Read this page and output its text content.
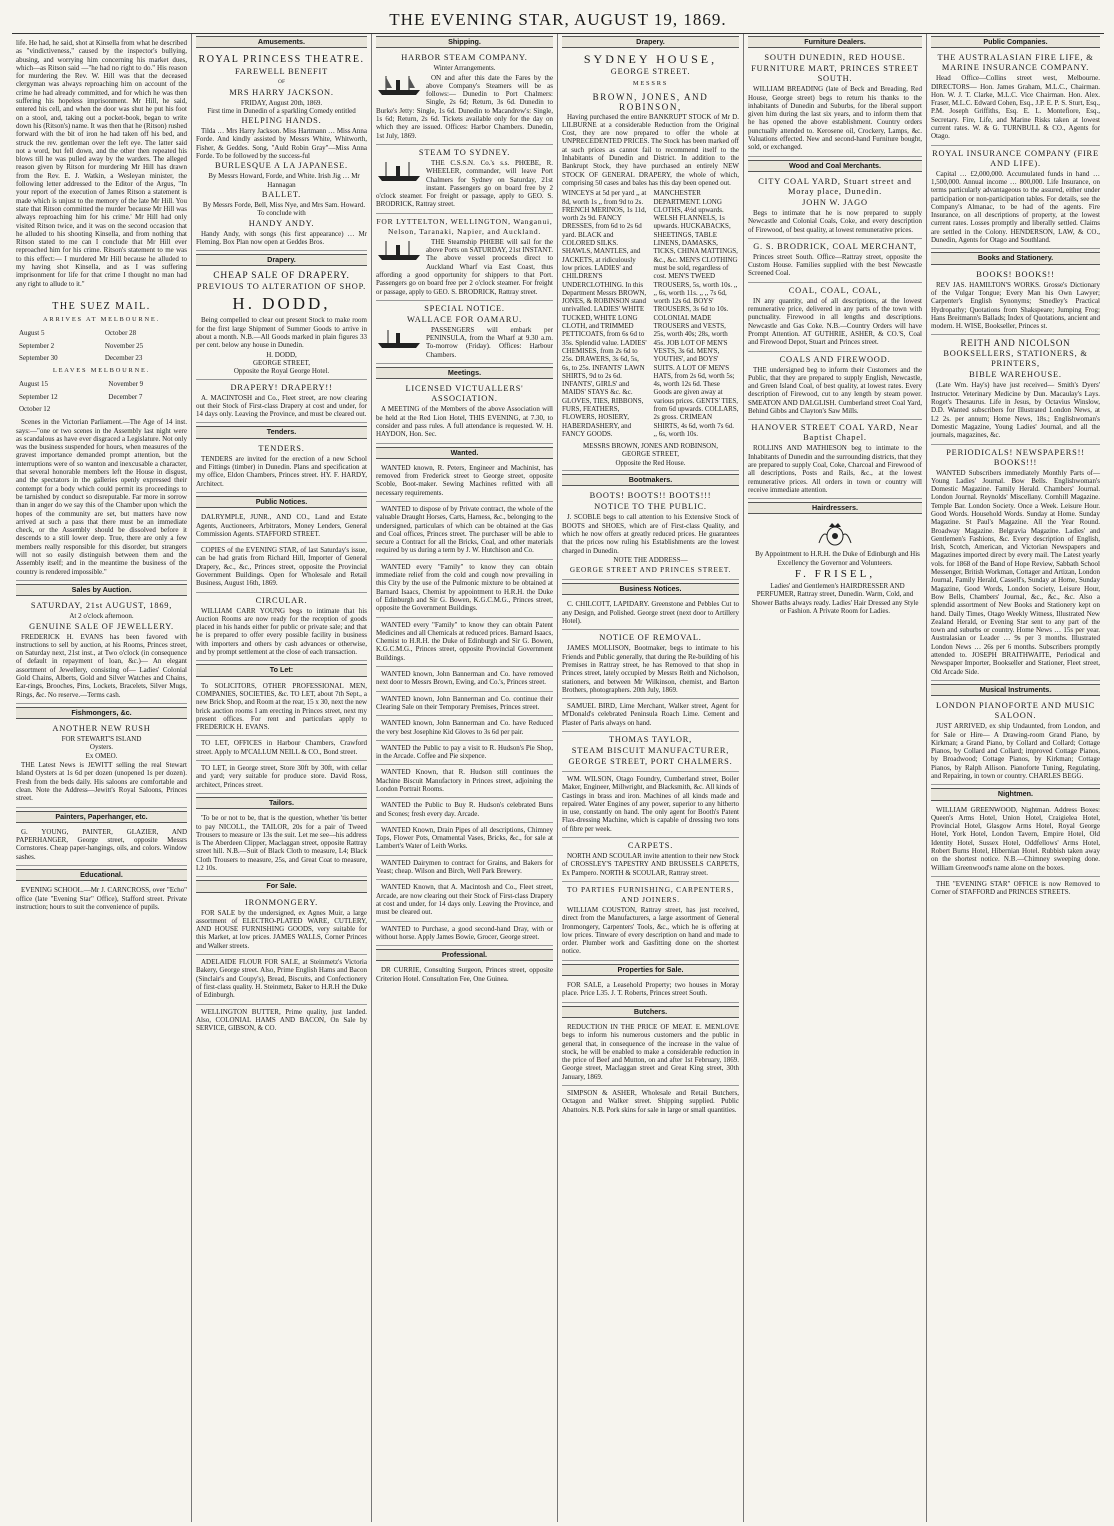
THE EVENING STAR, AUGUST 19, 1869.

life. He had, he said, shot at Kinsella from what he described as "vindictiveness," caused by the inspector's bullying, abusing, and worrying him concerning his market dues, which—as Ritson said —"he had no right to do." His reason for murdering the Rev. W. Hill was that the deceased clergyman was always reproaching him on account of the crime he had already committed, and for which he was then suffering his hopeless imprisonment. Mr Hill, he said, entered his cell, and when the door was shut he put his foot on a stool, and, taking out a pocket-book, began to write down his (Ritson's) name. It was then that he (Ritson) rushed forward with the bit of iron he had taken off his bed, and struck the rev. gentleman over the left eye. The latter said not a word, but fell down, and the other then repeated his blows till he was pulled away by the warders. The alleged reason given by Ritson for murdering Mr Hill has drawn from the Rev. E. J. Watkin, a Wesleyan minister, the following letter addressed to the Editor of the Argus, "In your report of the execution of James Ritson a statement is made which is unjust to the memory of the late Mr Hill. You state that Ritson committed the murder 'because Mr Hill was always reproaching him for his crime.' Mr Hill had only visited Ritson twice, and it was on the second occasion that he alluded to his shooting Kinsella, and from nothing that Ritson stated to me can I conclude that Mr Hill ever reproached him for his crime. Ritson's statement to me was to this effect:— I murdered Mr Hill because he alluded to my having shot Kinsella, and as I was suffering imprisonment for life for that crime I thought no man had any right to allude to it."

THE SUEZ MAIL.
ARRIVES AT MELBOURNE.
August 5	October 28
September 2	November 25
September 30	December 23
LEAVES MELBOURNE.
August 15	November 9
September 12	December 7
October 12	

Scenes in the Victorian Parliament.—The Age of 14 inst. says:—"one or two scenes in the Assembly last night were as scandalous as have ever disgraced a Legislature. Not only was the business suspended for hours, when measures of the gravest importance demanded prompt attention, but the interruptions were of so wanton and inexcusable a character, that several honorable members left the House in disgust, and the spectators in the galleries openly expressed their contempt for a body which could permit its proceedings to be tarnished by conduct so disreputable. Far more in sorrow than in anger do we say this of the Chamber upon which the hopes of the community are set, but matters have now arrived at such a pass that there must be an immediate check, or the Assembly should be dissolved before it descends to a still lower deep. True, there are only a few members really responsible for this disorder, but strangers will not so easily distinguish between them and the Assembly itself; and in the meantime the business of the country is rendered impossible."

Sales by Auction.
SATURDAY, 21st AUGUST, 1869,
At 2 o'clock afternoon.
GENUINE SALE OF JEWELLERY.

FREDERICK H. EVANS has been favored with instructions to sell by auction, at his Rooms, Princes street, on Saturday next, 21st inst., at Two o'clock (in consequence of default in repayment of loan, &c.)— An elegant assortment of Jewellery, consisting of— Ladies' Colonial Gold Chains, Alberts, Gold and Silver Watches and Chains, Ear-rings, Brooches, Pins, Lockets, Bracelets, Silver Mugs, Rings, &c. No reserve.—Terms cash.

Fishmongers, &c.
ANOTHER NEW RUSH
FOR STEWART'S ISLAND
Oysters.
Ex OMEO.

THE Latest News is JEWITT selling the real Stewart Island Oysters at 1s 6d per dozen (unopened 1s per dozen). Fresh from the beds daily. His saloons are comfortable and clean. Note the Address—Jewitt's Royal Saloons, Princes street.

Painters, Paperhanger, etc.

G. YOUNG, PAINTER, GLAZIER, AND PAPERHANGER, George street, opposite Messrs Cornstores. Cheap paper-hangings, oils, and colors. Window sashes.

Educational.

EVENING SCHOOL.—Mr J. CARNCROSS, over "Echo" office (late "Evening Star" Office), Stafford street. Private instruction; hours to suit the convenience of pupils.

Amusements.
ROYAL PRINCESS THEATRE.
FAREWELL BENEFIT
OF
MRS HARRY JACKSON.
FRIDAY, August 20th, 1869.
First time in Dunedin of a sparkling Comedy entitled
HELPING HANDS.

Tilda … Mrs Harry Jackson. Miss Hartmann … Miss Anna Forde. And kindly assisted by Messrs White, Whitworth, Fisher, & Geddes. Song, "Auld Robin Gray"—Miss Anna Forde. To be followed by the success-ful

BURLESQUE A LA JAPANESE.

By Messrs Howard, Forde, and White. Irish Jig … Mr Hannagan

BALLET.

By Messrs Forde, Bell, Miss Nye, and Mrs Sam. Howard. To conclude with

HANDY ANDY.

Handy Andy, with songs (his first appearance) … Mr Fleming. Box Plan now open at Geddes Bros.

Drapery.
CHEAP SALE OF DRAPERY.
PREVIOUS TO ALTERATION OF SHOP.
H. DODD,

Being compelled to clear out present Stock to make room for the first large Shipment of Summer Goods to arrive in about a month. N.B.—All Goods marked in plain figures 33 per cent. below any house in Dunedin.

H. DODD,
GEORGE STREET,
Opposite the Royal George Hotel.
DRAPERY! DRAPERY!!

A. MACINTOSH and Co., Fleet street, are now clearing out their Stock of First-class Drapery at cost and under, for 14 days only. Leaving the Province, and must be cleared out.

Tenders.
TENDERS.

TENDERS are invited for the erection of a new School and Fittings (timber) in Dunedin. Plans and specification at my office, Eldon Chambers, Princes street. HY. F. HARDY, Architect.

Public Notices.

DALRYMPLE, JUNR., AND CO., Land and Estate Agents, Auctioneers, Arbitrators, Money Lenders, General Commission Agents. STAFFORD STREET.

COPIES of the EVENING STAR, of last Saturday's issue, can be had gratis from Richard Hill, Importer of General Drapery, &c., &c., Princes street, opposite the Provincial Government Buildings. Open for Wholesale and Retail Business, August 16th, 1869.

CIRCULAR.

WILLIAM CARR YOUNG begs to intimate that his Auction Rooms are now ready for the reception of goods placed in his hands either for public or private sale; and that he is prepared to offer every possible facility in business with importers and others by cash advances or otherwise, and by prompt settlement at the close of each transaction.

To Let:

To SOLICITORS, OTHER PROFESSIONAL MEN, COMPANIES, SOCIETIES, &c. TO LET, about 7th Sept., a new Brick Shop, and Room at the rear, 15 x 30, next the new brick auction rooms I am erecting in Princes street, next my present offices. For rent and particulars apply to FREDERICK H. EVANS.

TO LET, OFFICES in Harbour Chambers, Crawford street. Apply to M'CALLUM NEILL & CO., Bond street.

TO LET, in George street, Store 30ft by 30ft, with cellar and yard; very suitable for produce store. David Ross, architect, Princes street.

Tailors.

'To be or not to be, that is the question, whether 'tis better to pay NICOLL, the TAILOR, 20s for a pair of Tweed Trousers to measure or 13s the suit. Let me see—his address is The Aberdeen Clipper, Maclaggan street, opposite Rattray street hill. N.B.—Suit of Black Cloth to measure, L4; Black Cloth Trousers to measure, 25s, and Great Coat to measure, L2 10s.

For Sale.
IRONMONGERY.

FOR SALE by the undersigned, ex Agnes Muir, a large assortment of ELECTRO-PLATED WARE, CUTLERY, AND HOUSE FURNISHING GOODS, very suitable for this Market, at low prices. JAMES WALLS, Corner Princes and Walker streets.

ADELAIDE FLOUR FOR SALE, at Steinmetz's Victoria Bakery, George street. Also, Prime English Hams and Bacon (Sinclair's and Coupy's), Bread, Biscuits, and Confectionery of first-class quality. H. Steinmetz, Baker to H.R.H the Duke of Edinburgh.

WELLINGTON BUTTER, Prime quality, just landed. Also, COLONIAL HAMS AND BACON, On Sale by SERVICE, GIBSON, & CO.

Shipping.
HARBOR STEAM COMPANY.
Winter Arrangements.

ON and after this date the Fares by the above Company's Steamers will be as follows:— Dunedin to Port Chalmers: Single, 2s 6d; Return, 3s 6d. Dunedin to Burke's Jetty: Single, 1s 6d. Dunedin to Macandrew's: Single, 1s 6d; Return, 2s 6d. Tickets available only for the day on which they are issued. Offices: Harbor Chambers. Dunedin, 1st July, 1869.

STEAM TO SYDNEY.

THE C.S.S.N. Co.'s s.s. PHŒBE, R. WHEELER, commander, will leave Port Chalmers for Sydney on Saturday, 21st instant. Passengers go on board free by 2 o'clock steamer. For freight or passage, apply to GEO. S. BRODRICK, Rattray street.

FOR LYTTELTON, WELLINGTON, Wanganui, Nelson, Taranaki, Napier, and Auckland.

THE Steamship PHŒBE will sail for the above Ports on SATURDAY, 21st INSTANT. The above vessel proceeds direct to Auckland Wharf via East Coast, thus affording a good opportunity for shippers to that Port. Passengers go on board free per 2 o'clock steamer. For freight or passage, apply to GEO. S. BRODRICK, Rattray street.

SPECIAL NOTICE.
WALLACE FOR OAMARU.

PASSENGERS will embark per PENINSULA, from the Wharf at 9.30 a.m. To-morrow (Friday). Offices: Harbour Chambers.

Meetings.
LICENSED VICTUALLERS' ASSOCIATION.

A MEETING of the Members of the above Association will be held at the Red Lion Hotel, THIS EVENING, at 7.30, to consider and pass rules. A full attendance is requested. W. H. HAYDON, Hon. Sec.

Wanted.

WANTED known, R. Peters, Engineer and Machinist, has removed from Frederick street to George street, opposite Scoble, Boot-maker. Sewing Machines refitted with all necessary requirements.

WANTED to dispose of by Private contract, the whole of the valuable Draught Horses, Carts, Harness, &c., belonging to the undersigned, particulars of which can be obtained at the Gas and Coal offices, Princes street. The purchaser will be able to secure a Contract for all the Bricks, Coal, and other materials required by us during a term by J. W. Hutchison and Co.

WANTED every "Family" to know they can obtain immediate relief from the cold and cough now prevailing in this City by the use of the Pulmonic mixture to be obtained at Barnard Isaacs, Chemist by appointment to H.R.H. the Duke of Edinburgh and Sir G. Bowen, K.G.C.M.G., Princes street, opposite the Government Buildings.

WANTED every "Family" to know they can obtain Patent Medicines and all Chemicals at reduced prices. Barnard Isaacs, Chemist to H.R.H. the Duke of Edinburgh and Sir G. Bowen, K.G.C.M.G., Princes street, opposite Provincial Government Buildings.

WANTED known, John Bannerman and Co. have removed next door to Messrs Brown, Ewing, and Co.'s, Princes street.

WANTED known, John Bannerman and Co. continue their Clearing Sale on their Temporary Premises, Princes street.

WANTED known, John Bannerman and Co. have Reduced the very best Josephine Kid Gloves to 3s 6d per pair.

WANTED the Public to pay a visit to R. Hudson's Pie Shop, in the Arcade. Coffee and Pie sixpence.

WANTED Known, that R. Hudson still continues the Machine Biscuit Manufactory in Princes street, adjoining the London Portrait Rooms.

WANTED the Public to Buy R. Hudson's celebrated Buns and Scones; fresh every day. Arcade.

WANTED Known, Drain Pipes of all descriptions, Chimney Tops, Flower Pots, Ornamental Vases, Bricks, &c., for sale at Lambert's Water of Leith Works.

WANTED Dairymen to contract for Grains, and Bakers for Yeast; cheap. Wilson and Birch, Well Park Brewery.

WANTED Known, that A. Macintosh and Co., Fleet street, Arcade, are now clearing out their Stock of First-class Drapery at cost and under, for 14 days only. Leaving the Province, and must be cleared out.

WANTED to Purchase, a good second-hand Dray, with or without horse. Apply James Bowie, Grocer, George street.

Professional.

DR CURRIE, Consulting Surgeon, Princes street, opposite Criterion Hotel. Consultation Fee, One Guinea.

Drapery.
SYDNEY HOUSE,
GEORGE STREET.
MESSRS
BROWN, JONES, AND ROBINSON,

Having purchased the entire BANKRUPT STOCK of Mr D. LILBURNE at a considerable Reduction from the Original Cost, they are now prepared to offer the whole at UNPRECEDENTED PRICES. The Stock has been marked off at such prices as cannot fail to recommend itself to the Inhabitants of Dunedin and District. In addition to the Bankrupt Stock, they have purchased an entirely NEW STOCK OF GENERAL DRAPERY, the whole of which, comprising 50 cases and bales has this day been opened out.

WINCEYS at 5d per yard ,, at 8d, worth 1s ,, from 9d to 2s. FRENCH MERINOS, 1s 11d, worth 2s 9d. FANCY DRESSES, from 6d to 2s 6d yard. BLACK and COLORED SILKS. SHAWLS, MANTLES, and JACKETS, at ridiculously low prices. LADIES' and CHILDREN'S UNDERCLOTHING. In this Department Messrs BROWN, JONES, & ROBINSON stand unrivalled. LADIES' WHITE TUCKED, WHITE LONG CLOTH, and TRIMMED PETTICOATS, from 6s 6d to 35s. Splendid value. LADIES' CHEMISES, from 2s 6d to 25s. DRAWERS, 3s 6d, 5s, 6s, to 25s. INFANTS' LAWN SHIRTS, 9d to 2s 6d. INFANTS', GIRLS' and MAIDS' STAYS &c. &c. GLOVES, TIES, RIBBONS, FURS, FEATHERS, FLOWERS, HOSIERY, HABERDASHERY, and FANCY GOODS.

MANCHESTER DEPARTMENT. LONG CLOTHS, 4½d upwards. WELSH FLANNELS, 1s upwards. HUCKABACKS, SHEETINGS, TABLE LINENS, DAMASKS, TICKS, CHINA MATTINGS, &c., &c. MEN'S CLOTHING must be sold, regardless of cost. MEN'S TWEED TROUSERS, 5s, worth 10s. ,, ,, 6s, worth 11s. ,, ,, 7s 6d, worth 12s 6d. BOYS' TROUSERS, 3s 6d to 10s. COLONIAL MADE TROUSERS and VESTS, 25s, worth 40s; 28s, worth 45s. JOB LOT OF MEN'S VESTS, 3s 6d. MEN'S, YOUTHS', and BOYS' SUITS. A LOT OF MEN'S HATS, from 2s 6d, worth 5s; 4s, worth 12s 6d. These Goods are given away at various prices. GENTS' TIES, from 6d upwards. COLLARS, 2s gross. CRIMEAN SHIRTS, 4s 6d, worth 7s 6d. ,, 6s, worth 10s.

MESSRS BROWN, JONES AND ROBINSON,
GEORGE STREET,
Opposite the Red House.
Bootmakers.
BOOTS! BOOTS!! BOOTS!!!
NOTICE TO THE PUBLIC.

J. SCOBLE begs to call attention to his Extensive Stock of BOOTS and SHOES, which are of First-class Quality, and which he now offers at greatly reduced prices. He guarantees that the prices now ruling his Establishments are the lowest charged in Dunedin.

NOTE THE ADDRESS—
GEORGE STREET AND PRINCES STREET.
Business Notices.

C. CHILCOTT, LAPIDARY. Greenstone and Pebbles Cut to any Design, and Polished. George street (next door to Artillery Hotel).

NOTICE OF REMOVAL.

JAMES MOLLISON, Bootmaker, begs to intimate to his Friends and Public generally, that during the Re-building of his Premises in Rattray street, he has Removed to that shop in Princes street, lately occupied by Messrs Reith and Nicholson, stationers, and between Mr Wilkinson, chemist, and Barton Brothers, photographers. 20th July, 1869.

SAMUEL BIRD, Lime Merchant, Walker street, Agent for M'Donald's celebrated Peninsula Roach Lime. Cement and Plaster of Paris always on hand.

THOMAS TAYLOR,
STEAM BISCUIT MANUFACTURER,
GEORGE STREET, PORT CHALMERS.

WM. WILSON, Otago Foundry, Cumberland street, Boiler Maker, Engineer, Millwright, and Blacksmith, &c. All kinds of Castings in brass and iron. Machines of all kinds made and repaired. Water Engines of any power, superior to any hitherto in use, constantly on hand. The only agent for Booth's Patent Flax-dressing Machine, which is capable of dressing two tons of fibre per week.

CARPETS.

NORTH AND SCOULAR invite attention to their new Stock of CROSSLEY'S TAPESTRY AND BRUSSELS CARPETS, Ex Pampero. NORTH & SCOULAR, Rattray street.

TO PARTIES FURNISHING, CARPENTERS, AND JOINERS.

WILLIAM COUSTON, Rattray street, has just received, direct from the Manufacturers, a large assortment of General Ironmongery, Carpenters' Tools, &c., which he is offering at low prices. Tinware of every description on hand and made to order. Plumber work and Gasfitting done on the shortest notice.

Properties for Sale.

FOR SALE, a Leasehold Property; two houses in Moray place. Price L35. J. T. Roberts, Princes street South.

Butchers.

REDUCTION IN THE PRICE OF MEAT. E. MENLOVE begs to inform his numerous customers and the public in general that, in consequence of the increase in the value of stock, he will be enabled to make a considerable reduction in the price of Beef and Mutton, on and after 1st February, 1869. George street, Maclaggan street and Great King street, 30th January, 1869.

SIMPSON & ASHER, Wholesale and Retail Butchers, Octagon and Walker street. Shipping supplied. Public Abattoirs. N.B. Pork skins for sale in large or small quantities.

Furniture Dealers.
SOUTH DUNEDIN, RED HOUSE.
FURNITURE MART, PRINCES STREET SOUTH.

WILLIAM BREADING (late of Beck and Breading, Red House, George street) begs to return his thanks to the inhabitants of Dunedin and Suburbs, for the liberal support given him during the last six years, and to inform them that he has opened the above establishment. Country orders punctually attended to. Kerosene oil, Crockery, Lamps, &c. Valuations effected. New and second-hand Furniture bought, sold, or exchanged.

Wood and Coal Merchants.
CITY COAL YARD, Stuart street and Moray place, Dunedin.
JOHN W. JAGO

Begs to intimate that he is now prepared to supply Newcastle and Colonial Coals, Coke, and every description of Firewood, of best quality, at lowest remunerative prices.

G. S. BRODRICK, COAL MERCHANT,

Princes street South. Office—Rattray street, opposite the Custom House. Families supplied with the best Newcastle Screened Coal.

COAL, COAL, COAL,

IN any quantity, and of all descriptions, at the lowest remunerative price, delivered in any parts of the town with punctuality. Firewood in all lengths and descriptions. Newcastle and Gas Coke. N.B.—Country Orders will have Prompt Attention. AT GUTHRIE, ASHER, & CO.'S, Coal and Firewood Depot, Stuart and Princes street.

COALS AND FIREWOOD.

THE undersigned beg to inform their Customers and the Public, that they are prepared to supply English, Newcastle, and Green Island Coal, of best quality, at lowest rates. Every description of Firewood, cut to any length by steam power. SMEATON AND DALGLISH. Cumberland street Coal Yard, Behind Gibbs and Clayton's Saw Mills.

HANOVER STREET COAL YARD, Near Baptist Chapel.

ROLLINS AND MATHIESON beg to intimate to the Inhabitants of Dunedin and the surrounding districts, that they are prepared to supply Coal, Coke, Charcoal and Firewood of all descriptions, Posts and Rails, &c., at the lowest remunerative prices. All orders in town or country will receive immediate attention.

Hairdressers.

By Appointment to H.R.H. the Duke of Edinburgh and His Excellency the Governor and Volunteers.

F. FRISEL,

Ladies' and Gentlemen's HAIRDRESSER AND PERFUMER, Rattray street, Dunedin. Warm, Cold, and Shower Baths always ready. Ladies' Hair Dressed any Style or Fashion. A Private Room for Ladies.

Public Companies.
THE AUSTRALASIAN FIRE LIFE, & MARINE INSURANCE COMPANY.

Head Office—Collins street west, Melbourne. DIRECTORS— Hon. James Graham, M.L.C., Chairman. Hon. W. J. T. Clarke, M.L.C. Vice Chairman. Hon. Alex. Fraser, M.L.C. Edward Cohen, Esq., J.P. E. P. S. Sturt, Esq., P.M. Joseph Griffiths, Esq. E. L. Montefiore, Esq., Secretary. Fire, Life, and Marine Risks taken at lowest current rates. W. & G. TURNBULL & CO., Agents for Otago.

ROYAL INSURANCE COMPANY (FIRE AND LIFE).

Capital … £2,000,000. Accumulated funds in hand … 1,500,000. Annual income … 800,000. Life Insurance, on terms particularly advantageous to the assured, either under participation or non-participation tables. For details, see the Company's Almanac, to be had of the agents. Fire Insurance, on all descriptions of property, at the lowest current rates. Losses promptly and liberally settled. Claims are settled in the Colony. HENDERSON, LAW, & CO., Dunedin, Agents for Otago and Southland.

Books and Stationery.
BOOKS! BOOKS!!

REV JAS. HAMILTON'S WORKS. Grosse's Dictionary of the Vulgar Tongue; Every Man his Own Lawyer; Carpenter's English Synonyms; Smedley's Practical Hydropathy; Quotations from Shakspeare; Jumping Frog; Hans Breitmann's Ballads; Index of Quotations, ancient and modern. H. WISE, Bookseller, Princes st.

REITH AND NICOLSON
BOOKSELLERS, STATIONERS, & PRINTERS,
BIBLE WAREHOUSE.

(Late Wm. Hay's) have just received— Smith's Dyers' Instructor. Veterinary Medicine by Dun. Macaulay's Lays. Roget's Thesaurus. Life in Jesus, by Octavius Winslow, D.D. Wanted subscribers for Illustrated London News, at L2 2s. per annum; Home News, 18s.; Englishwoman's Domestic Magazine, Young Ladies' Journal, and all the journals, magazines, &c.

PERIODICALS! NEWSPAPERS!! BOOKS!!!

WANTED Subscribers immediately Monthly Parts of— Young Ladies' Journal. Bow Bells. Englishwoman's Domestic Magazine. Family Herald. Chambers' Journal. London Journal. Reynolds' Miscellany. Cornhill Magazine. Temple Bar. London Society. Once a Week. Leisure Hour. Good Words. Household Words. Sunday at Home. Sunday Magazine. St Paul's Magazine. All the Year Round. Broadway Magazine. Belgravia Magazine. Ladies' and Gentlemen's Fashions, &c. Every description of English, Irish, Scotch, American, and Victorian Newspapers and Magazines imported direct by every mail. The Latest yearly vols. for 1868 of the Band of Hope Review, Sabbath School Messenger, British Workman, Cottager and Artizan, London Journal, Family Herald, Cassell's, Sunday at Home, Sunday Magazine, Good Words, London Society, Leisure Hour, Bow Bells, Chambers' Journal, &c., &c., &c. Also a splendid assortment of New Books and Stationery kept on hand. Daily Times, Otago Weekly Witness, Illustrated New Zealand Herald, or Evening Star sent to any part of the town and suburbs or country. Home News … 15s per year. Australasian or Leader … 9s per 3 months. Illustrated London News … 26s per 6 months. Subscribers promptly attended to. JOSEPH BRAITHWAITE, Periodical and Newspaper Importer, Bookseller and Stationer, Fleet street, Old Arcade Side.

Musical Instruments.
LONDON PIANOFORTE AND MUSIC SALOON.

JUST ARRIVED, ex ship Undaunted, from London, and for Sale or Hire— A Drawing-room Grand Piano, by Kirkman; a Grand Piano, by Collard and Collard; Cottage Pianos, by Collard and Collard; improved Cottage Pianos, by Broadwood; Cottage Pianos, by Kirkman; Cottage Pianos, by Ralph Allison. Pianoforte Tuning, Regulating, and Repairing, in town or country. CHARLES BEGG.

Nightmen.

WILLIAM GREENWOOD, Nightman. Address Boxes: Queen's Arms Hotel, Union Hotel, Craigielea Hotel, Provincial Hotel, Glasgow Arms Hotel, Royal George Hotel, York Hotel, London Tavern, Empire Hotel, Old Identity Hotel, Sussex Hotel, Oddfellows' Arms Hotel, Robert Burns Hotel, Hibernian Hotel. Rubbish taken away on the shortest notice. N.B.—Chimney sweeping done. William Greenwood's name alone on the boxes.

THE "EVENING STAR" OFFICE is now Removed to Corner of STAFFORD and PRINCES STREETS.
